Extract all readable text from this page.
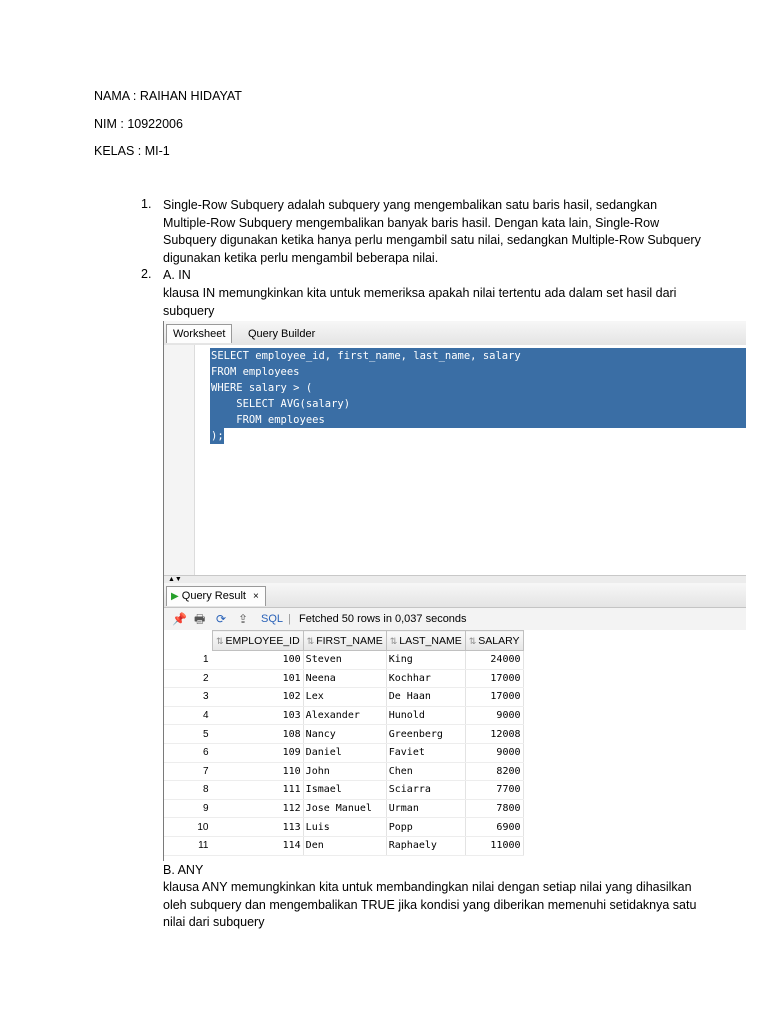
NAMA : RAIHAN HIDAYAT
NIM : 10922006
KELAS : MI-1
1. Single-Row Subquery adalah subquery yang mengembalikan satu baris hasil, sedangkan Multiple-Row Subquery mengembalikan banyak baris hasil. Dengan kata lain, Single-Row Subquery digunakan ketika hanya perlu mengambil satu nilai, sedangkan Multiple-Row Subquery digunakan ketika perlu mengambil beberapa nilai.
2. A. IN
klausa IN memungkinkan kita untuk memeriksa apakah nilai tertentu ada dalam set hasil dari subquery
Worksheet	Query Builder
SELECT employee_id, first_name, last_name, salary
FROM employees
WHERE salary > (
SELECT AVG(salary)
FROM employees
);
▲▼
▶ Query Result ×
📌 🖶 ⟳ ⇪ SQL | Fetched 50 rows in 0,037 seconds
	⇅ EMPLOYEE_ID	⇅ FIRST_NAME	⇅ LAST_NAME	⇅ SALARY
1	100	Steven	King	24000
2	101	Neena	Kochhar	17000
3	102	Lex	De Haan	17000
4	103	Alexander	Hunold	9000
5	108	Nancy	Greenberg	12008
6	109	Daniel	Faviet	9000
7	110	John	Chen	8200
8	111	Ismael	Sciarra	7700
9	112	Jose Manuel	Urman	7800
10	113	Luis	Popp	6900
11	114	Den	Raphaely	11000
B. ANY
klausa ANY memungkinkan kita untuk membandingkan nilai dengan setiap nilai yang dihasilkan oleh subquery dan mengembalikan TRUE jika kondisi yang diberikan memenuhi setidaknya satu nilai dari subquery
